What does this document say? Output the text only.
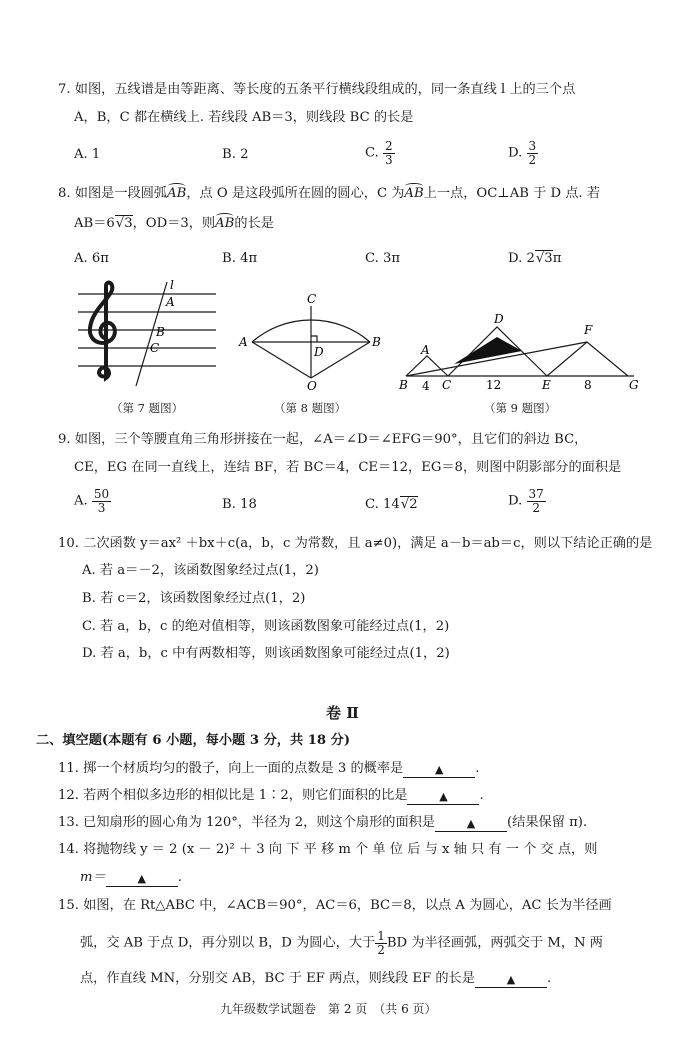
7. 如图，五线谱是由等距离、等长度的五条平行横线段组成的，同一条直线 l 上的三个点
A，B，C 都在横线上. 若线段 AB＝3，则线段 BC 的长是
A. 1	B. 2	C. $\frac{2}{3}$	D. $\frac{3}{2}$
8. 如图是一段圆弧AB，点 O 是这段弧所在圆的圆心，C 为AB上一点，OC⊥AB 于 D 点. 若
AB＝6√3，OD＝3，则AB的长是
A. 6π	B. 4π	C. 3π	D. 2√3π
l
A
B
C
（第 7 题图）
C
A	B
D
O
（第 8 题图）
D
F
A
B	C	E	G
4	12	8
（第 9 题图）
9. 如图，三个等腰直角三角形拼接在一起，∠A＝∠D＝∠EFG＝90°，且它们的斜边 BC，
CE，EG 在同一直线上，连结 BF，若 BC＝4，CE＝12，EG＝8，则图中阴影部分的面积是
A. $\frac{50}{3}$	B. 18	C. 14√2	D. $\frac{37}{2}$
10. 二次函数 y＝ax² ＋bx＋c(a，b，c 为常数，且 a≠0)，满足 a－b＝ab＝c，则以下结论正确的是
A. 若 a＝－2，该函数图象经过点(1，2)
B. 若 c＝2，该函数图象经过点(1，2)
C. 若 a，b，c 的绝对值相等，则该函数图象可能经过点(1，2)
D. 若 a，b，c 中有两数相等，则该函数图象可能经过点(1，2)
卷 Ⅱ
二、填空题(本题有 6 小题，每小题 3 分，共 18 分)
11. 掷一个材质均匀的骰子，向上一面的点数是 3 的概率是	▲ .
12. 若两个相似多边形的相似比是 1∶2，则它们面积的比是	▲ .
13. 已知扇形的圆心角为 120°，半径为 2，则这个扇形的面积是	▲ (结果保留 π).
14. 将抛物线 y ＝ 2 (x － 2)² ＋ 3 向 下 平 移 m 个 单 位 后 与 x 轴 只 有 一 个 交 点，则
m＝	▲ .
15. 如图，在 Rt△ABC 中，∠ACB＝90°，AC＝6，BC＝8，以点 A 为圆心，AC 长为半径画
弧，交 AB 于点 D，再分别以 B，D 为圆心，大于 $\frac{1}{2}$ BD 为半径画弧，两弧交于 M，N 两
点，作直线 MN，分别交 AB，BC 于 EF 两点，则线段 EF 的长是	▲ .
九年级数学试题卷　第 2 页　（共 6 页）
